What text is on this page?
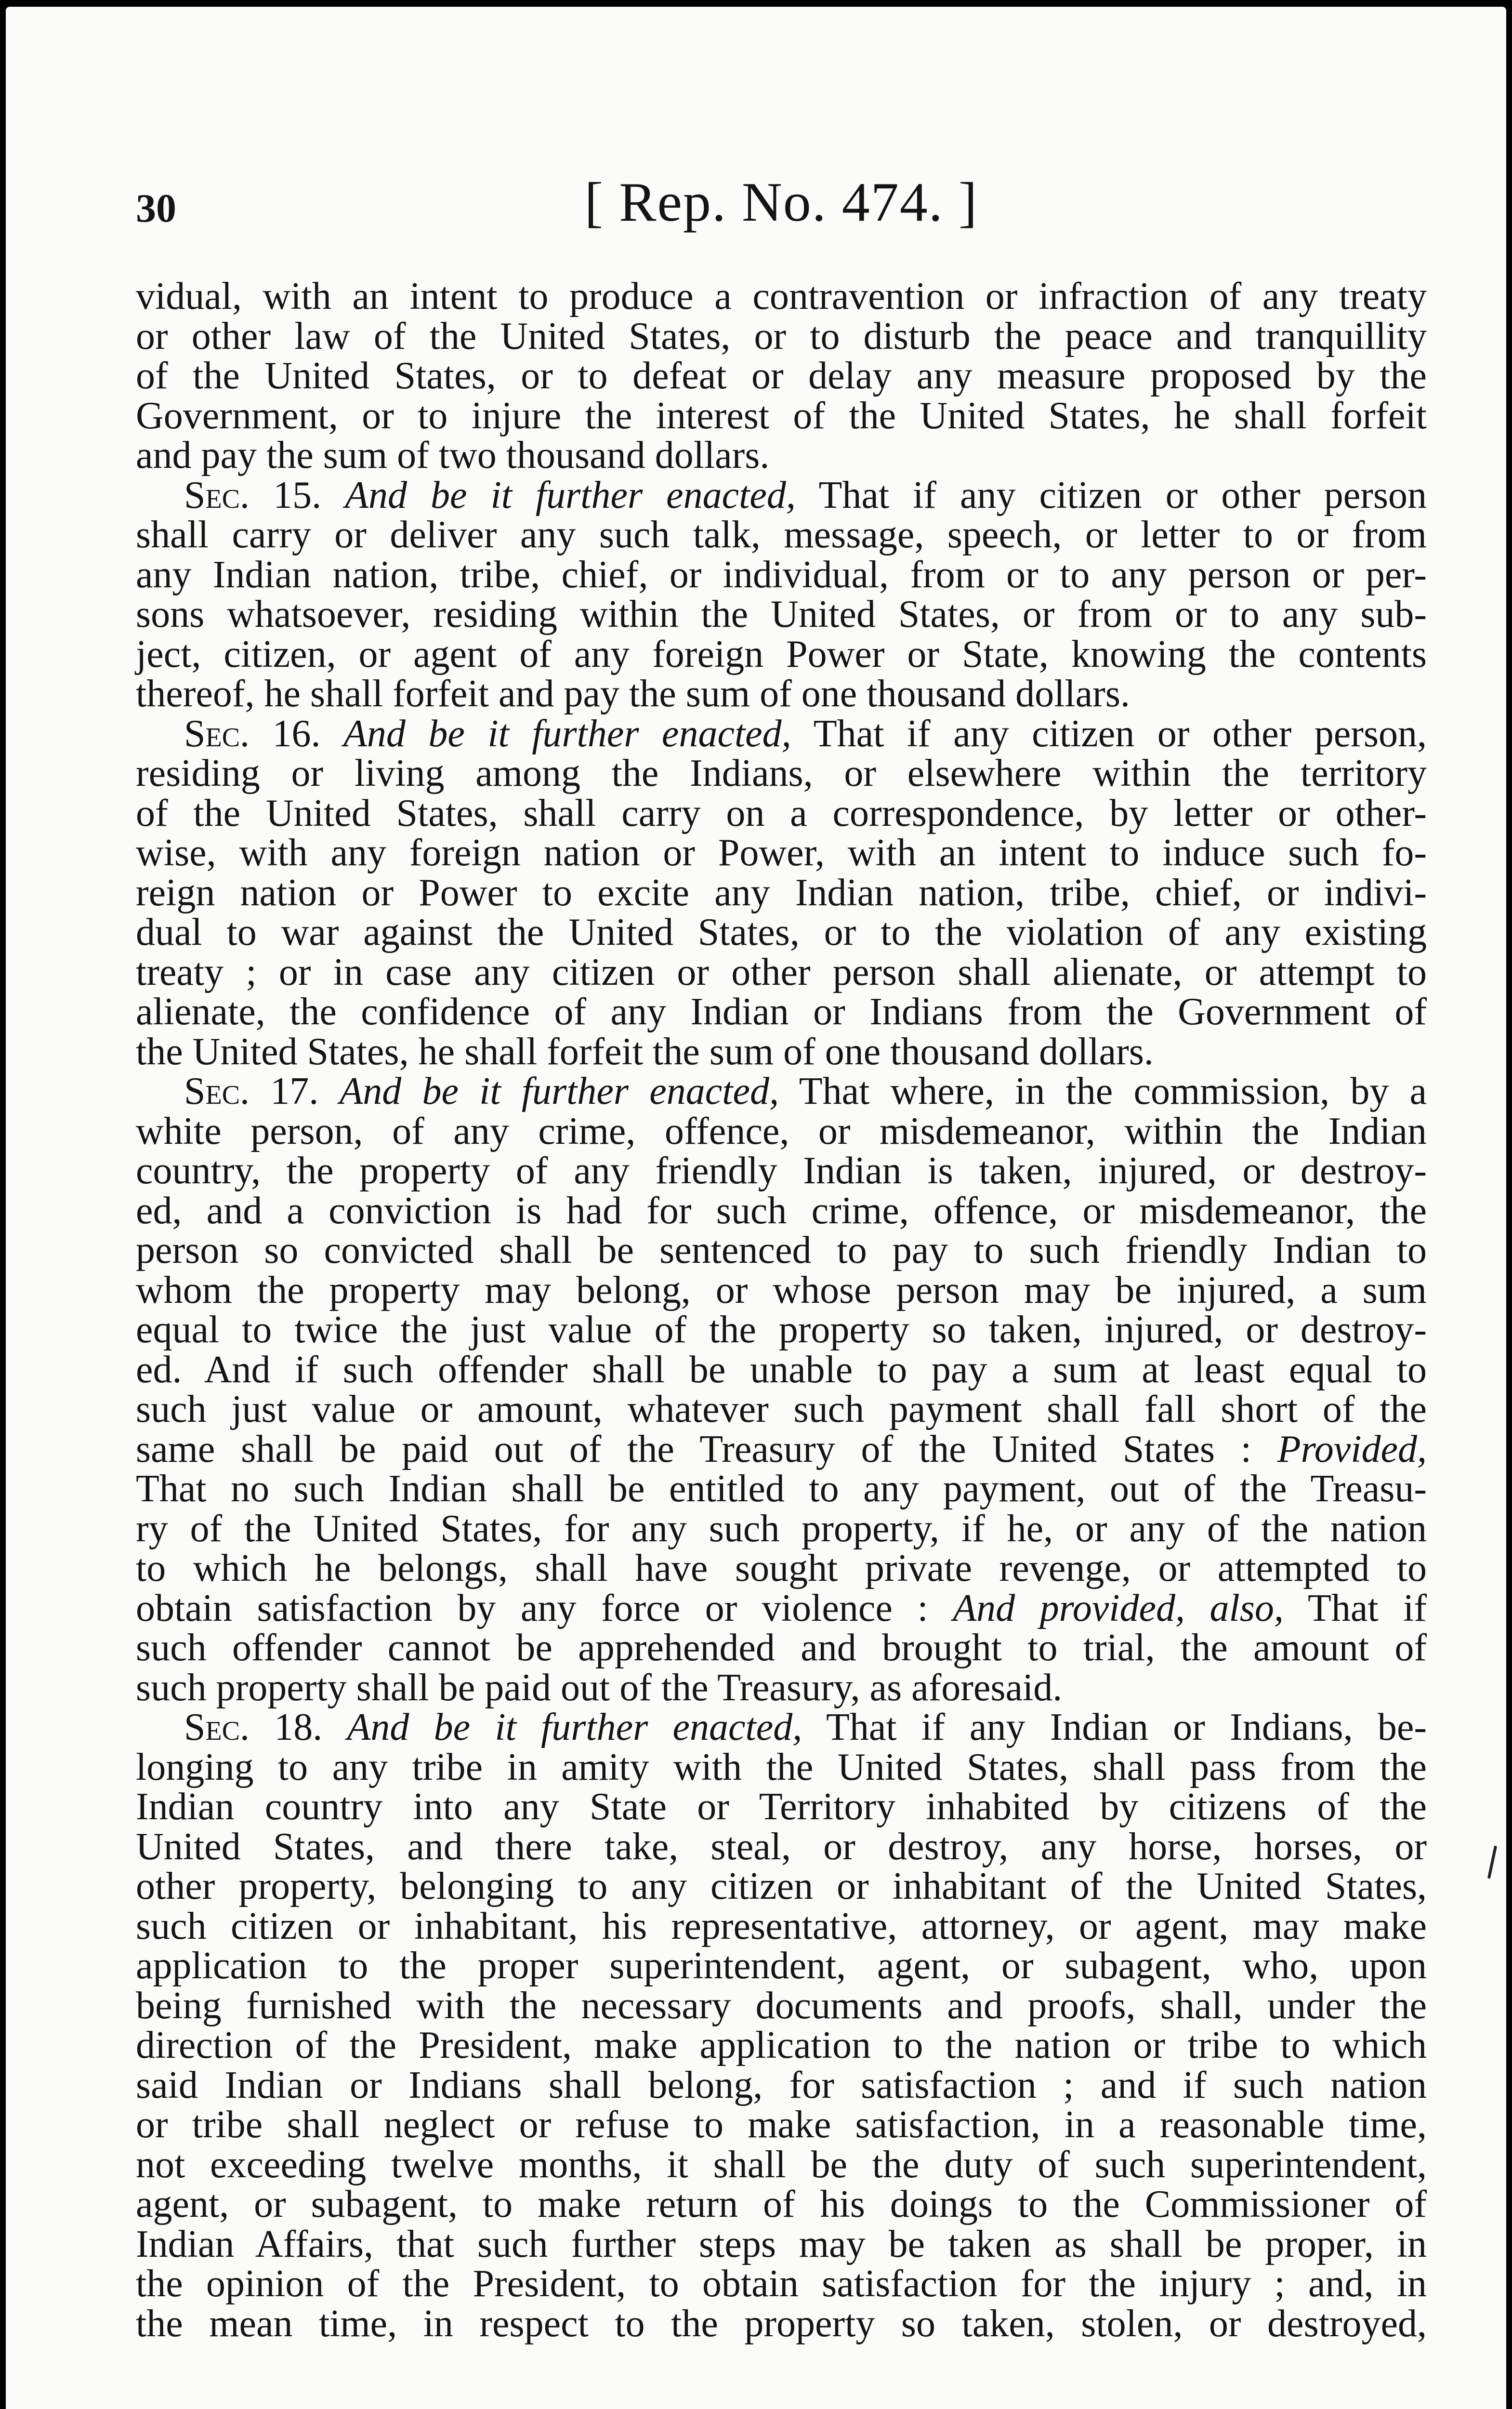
30	[ Rep. No. 474. ]
vidual, with an intent to produce a contravention or infraction of any treaty
or other law of the United States, or to disturb the peace and tranquillity
of the United States, or to defeat or delay any measure proposed by the
Government, or to injure the interest of the United States, he shall forfeit
and pay the sum of two thousand dollars.
Sec. 15. And be it further enacted, That if any citizen or other person
shall carry or deliver any such talk, message, speech, or letter to or from
any Indian nation, tribe, chief, or individual, from or to any person or per-
sons whatsoever, residing within the United States, or from or to any sub-
ject, citizen, or agent of any foreign Power or State, knowing the contents
thereof, he shall forfeit and pay the sum of one thousand dollars.
Sec. 16. And be it further enacted, That if any citizen or other person,
residing or living among the Indians, or elsewhere within the territory
of the United States, shall carry on a correspondence, by letter or other-
wise, with any foreign nation or Power, with an intent to induce such fo-
reign nation or Power to excite any Indian nation, tribe, chief, or indivi-
dual to war against the United States, or to the violation of any existing
treaty ; or in case any citizen or other person shall alienate, or attempt to
alienate, the confidence of any Indian or Indians from the Government of
the United States, he shall forfeit the sum of one thousand dollars.
Sec. 17. And be it further enacted, That where, in the commission, by a
white person, of any crime, offence, or misdemeanor, within the Indian
country, the property of any friendly Indian is taken, injured, or destroy-
ed, and a conviction is had for such crime, offence, or misdemeanor, the
person so convicted shall be sentenced to pay to such friendly Indian to
whom the property may belong, or whose person may be injured, a sum
equal to twice the just value of the property so taken, injured, or destroy-
ed. And if such offender shall be unable to pay a sum at least equal to
such just value or amount, whatever such payment shall fall short of the
same shall be paid out of the Treasury of the United States : Provided,
That no such Indian shall be entitled to any payment, out of the Treasu-
ry of the United States, for any such property, if he, or any of the nation
to which he belongs, shall have sought private revenge, or attempted to
obtain satisfaction by any force or violence : And provided, also, That if
such offender cannot be apprehended and brought to trial, the amount of
such property shall be paid out of the Treasury, as aforesaid.
Sec. 18. And be it further enacted, That if any Indian or Indians, be-
longing to any tribe in amity with the United States, shall pass from the
Indian country into any State or Territory inhabited by citizens of the
United States, and there take, steal, or destroy, any horse, horses, or
other property, belonging to any citizen or inhabitant of the United States,
such citizen or inhabitant, his representative, attorney, or agent, may make
application to the proper superintendent, agent, or subagent, who, upon
being furnished with the necessary documents and proofs, shall, under the
direction of the President, make application to the nation or tribe to which
said Indian or Indians shall belong, for satisfaction ; and if such nation
or tribe shall neglect or refuse to make satisfaction, in a reasonable time,
not exceeding twelve months, it shall be the duty of such superintendent,
agent, or subagent, to make return of his doings to the Commissioner of
Indian Affairs, that such further steps may be taken as shall be proper, in
the opinion of the President, to obtain satisfaction for the injury ; and, in
the mean time, in respect to the property so taken, stolen, or destroyed,
